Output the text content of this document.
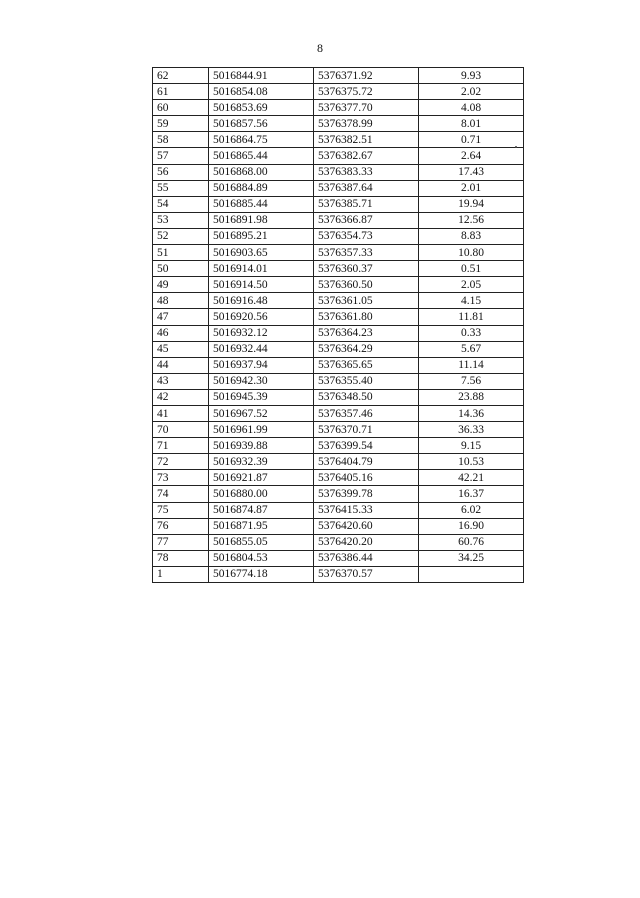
8
62	5016844.91	5376371.92	9.93
61	5016854.08	5376375.72	2.02
60	5016853.69	5376377.70	4.08
59	5016857.56	5376378.99	8.01
58	5016864.75	5376382.51	0.71
57	5016865.44	5376382.67	2.64
56	5016868.00	5376383.33	17.43
55	5016884.89	5376387.64	2.01
54	5016885.44	5376385.71	19.94
53	5016891.98	5376366.87	12.56
52	5016895.21	5376354.73	8.83
51	5016903.65	5376357.33	10.80
50	5016914.01	5376360.37	0.51
49	5016914.50	5376360.50	2.05
48	5016916.48	5376361.05	4.15
47	5016920.56	5376361.80	11.81
46	5016932.12	5376364.23	0.33
45	5016932.44	5376364.29	5.67
44	5016937.94	5376365.65	11.14
43	5016942.30	5376355.40	7.56
42	5016945.39	5376348.50	23.88
41	5016967.52	5376357.46	14.36
70	5016961.99	5376370.71	36.33
71	5016939.88	5376399.54	9.15
72	5016932.39	5376404.79	10.53
73	5016921.87	5376405.16	42.21
74	5016880.00	5376399.78	16.37
75	5016874.87	5376415.33	6.02
76	5016871.95	5376420.60	16.90
77	5016855.05	5376420.20	60.76
78	5016804.53	5376386.44	34.25
1	5016774.18	5376370.57	
